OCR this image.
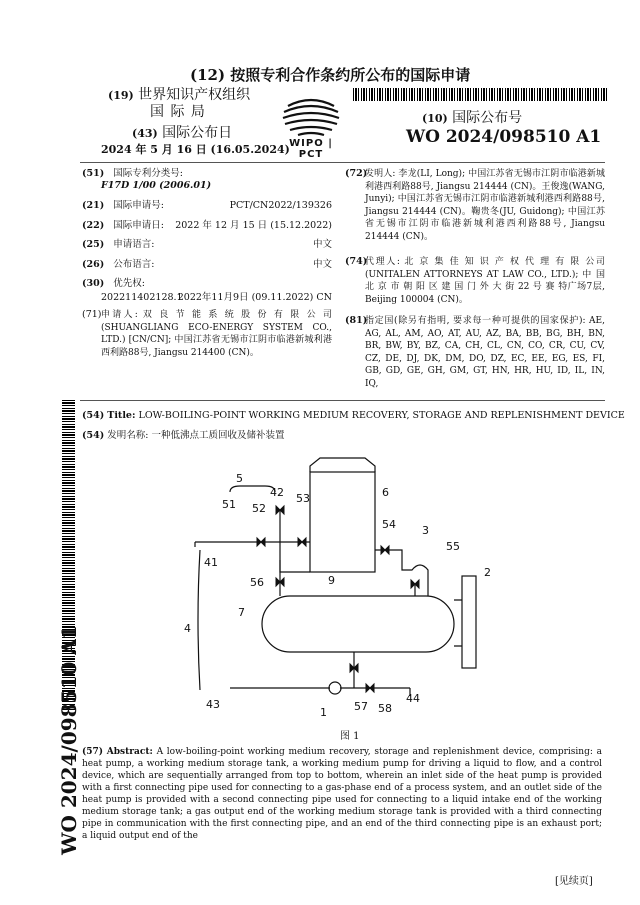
(12) 按照专利合作条约所公布的国际申请
(19) 世界知识产权组织
国 际 局
(43) 国际公布日
2024 年 5 月 16 日 (16.05.2024) WIPO | PCT
(10) 国际公布号
WO 2024/098510 A1
(51) 国际专利分类号:
F17D 1/00 (2006.01)
(21) 国际申请号:	PCT/CN2022/139326
(22) 国际申请日: 2022 年 12 月 15 日 (15.12.2022)
(25) 申请语言:	中文
(26) 公布语言:	中文
(30) 优先权:
202211402128.1
2022年11月9日 (09.11.2022) CN
(71) 申请人: 双 良 节 能 系 统 股 份 有 限 公 司 (SHUANGLIANG ECO-ENERGY SYSTEM CO., LTD.) [CN/CN]; 中国江苏省无锡市江阴市临港新城利港西利路88号, Jiangsu 214400 (CN)。
(72)
发明人: 李龙(LI, Long); 中国江苏省无锡市江阴市临港新城利港西利路88号, Jiangsu 214444 (CN)。王俊逸(WANG, Junyi); 中国江苏省无锡市江阴市临港新城利港西利路88号, Jiangsu 214444 (CN)。鞠贵冬(JU, Guidong); 中国江苏省无锡市江阴市临港新城利港西利路88号, Jiangsu 214444 (CN)。
(74)
代理人: 北 京 集 佳 知 识 产 权 代 理 有 限 公司(UNITALEN ATTORNEYS AT LAW CO., LTD.); 中 国 北 京 市 朝 阳 区 建 国 门 外 大 街 22 号 赛 特广场7层, Beijing 100004 (CN)。
(81)
指定国(除另有指明, 要求每一种可提供的国家保护): AE, AG, AL, AM, AO, AT, AU, AZ, BA, BB, BG, BH, BN, BR, BW, BY, BZ, CA, CH, CL, CN, CO, CR, CU, CV, CZ, DE, DJ, DK, DM, DO, DZ, EC, EE, EG, ES, FI, GB, GD, GE, GH, GM, GT, HN, HR, HU, ID, IL, IN, IQ,
(54) Title: LOW-BOILING-POINT WORKING MEDIUM RECOVERY, STORAGE AND REPLENISHMENT DEVICE
(54) 发明名称: 一种低沸点工质回收及储补装置
5
42
51 52
53	6
54 3
55
41
56	9
2
7
4
1 57 58
43	44
图 1
(57) Abstract: A low-boiling-point working medium recovery, storage and replenishment device, comprising: a heat pump, a working medium storage tank, a working medium pump for driving a liquid to flow, and a control device, which are sequentially arranged from top to bottom, wherein an inlet side of the heat pump is provided with a first connecting pipe used for connecting to a gas-phase end of a process system, and an outlet side of the heat pump is provided with a second connecting pipe used for connecting to a liquid intake end of the working medium storage tank; a gas output end of the working medium storage tank is provided with a third connecting pipe in communication with the first connecting pipe, and an end of the third connecting pipe is an exhaust port; a liquid output end of the
WO 2024/098510 A1
[见续页]
